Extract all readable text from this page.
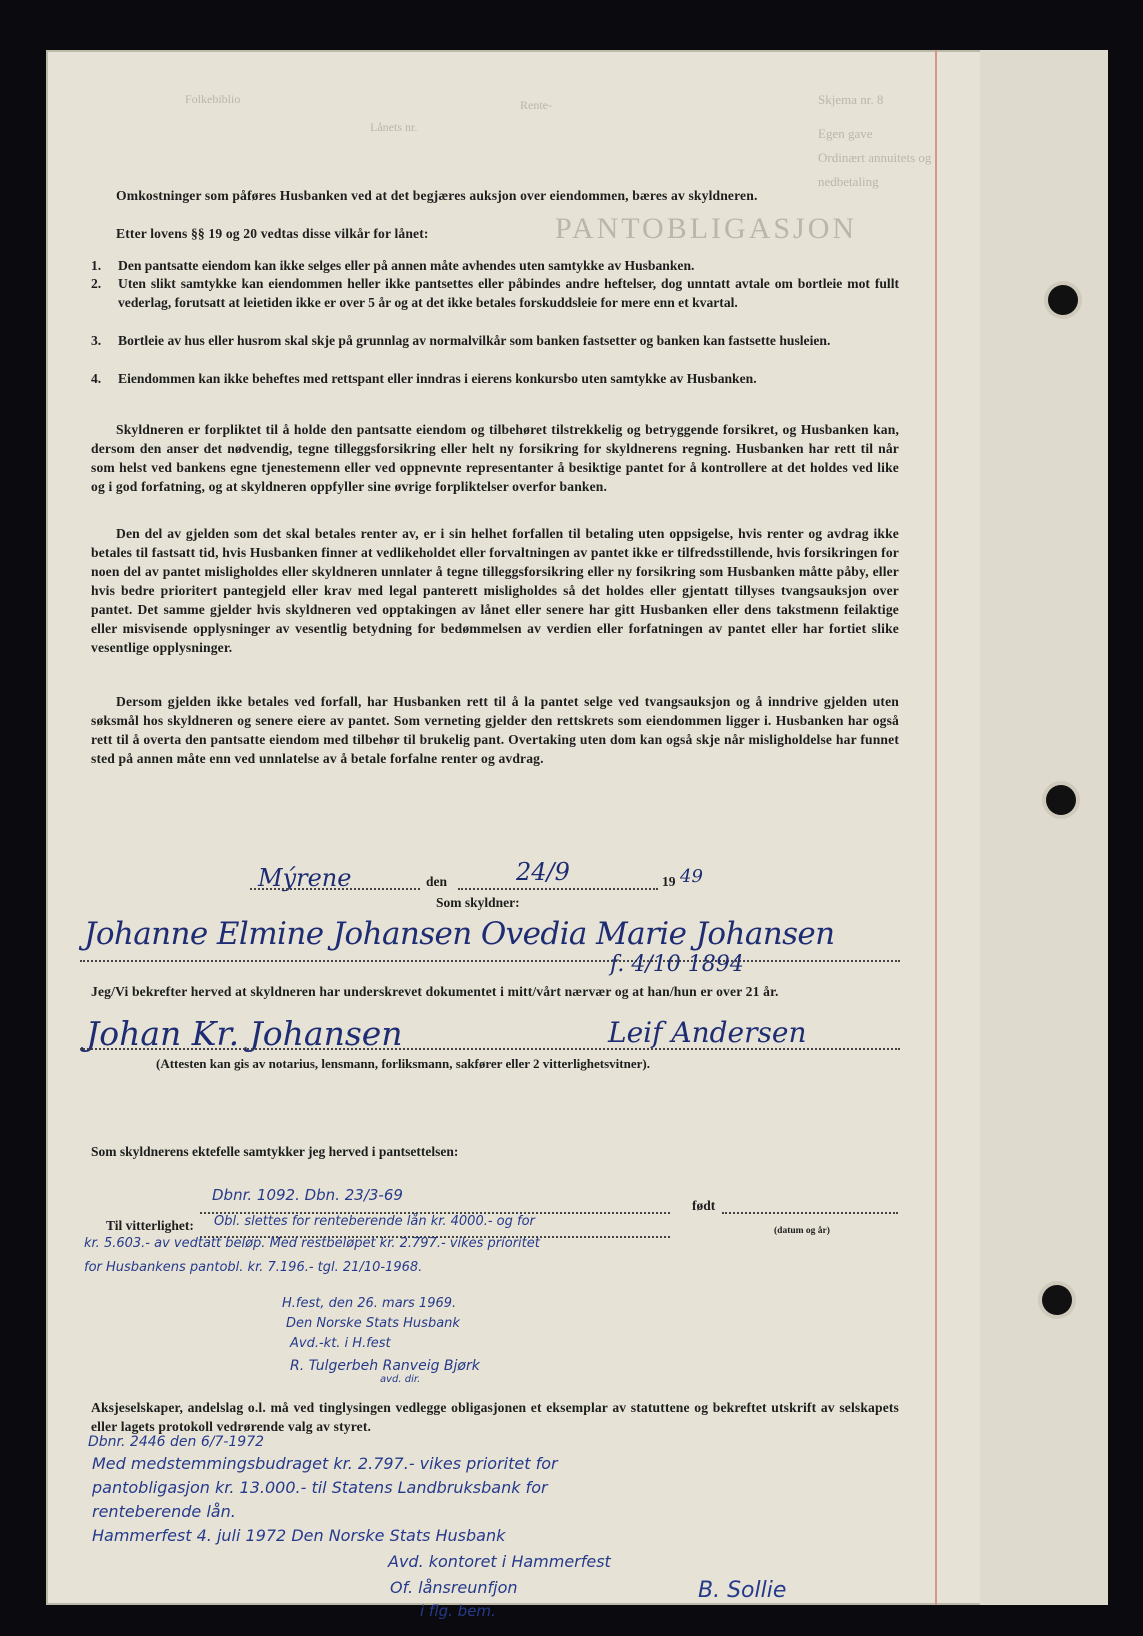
Skjema nr. 8
Folkebiblio	Rente-
Lånets nr.	Egen gave
Ordinært annuitets og
nedbetaling
PANTOBLIGASJON
Omkostninger som påføres Husbanken ved at det begjæres auksjon over eiendommen, bæres av skyldneren.
Etter lovens §§ 19 og 20 vedtas disse vilkår for lånet:
1. Den pantsatte eiendom kan ikke selges eller på annen måte avhendes uten samtykke av Husbanken.
2. Uten slikt samtykke kan eiendommen heller ikke pantsettes eller påbindes andre heftelser, dog unntatt avtale om bortleie mot fullt vederlag, forutsatt at leietiden ikke er over 5 år og at det ikke betales forskuddsleie for mere enn et kvartal.
3. Bortleie av hus eller husrom skal skje på grunnlag av normalvilkår som banken fastsetter og banken kan fastsette husleien.
4. Eiendommen kan ikke beheftes med rettspant eller inndras i eierens konkursbo uten samtykke av Husbanken.
Skyldneren er forpliktet til å holde den pantsatte eiendom og tilbehøret tilstrekkelig og betryggende forsikret, og Husbanken kan, dersom den anser det nødvendig, tegne tilleggsforsikring eller helt ny forsikring for skyldnerens regning. Husbanken har rett til når som helst ved bankens egne tjenestemenn eller ved oppnevnte representanter å besiktige pantet for å kontrollere at det holdes ved like og i god forfatning, og at skyldneren oppfyller sine øvrige forpliktelser overfor banken.
Den del av gjelden som det skal betales renter av, er i sin helhet forfallen til betaling uten oppsigelse, hvis renter og avdrag ikke betales til fastsatt tid, hvis Husbanken finner at vedlikeholdet eller forvaltningen av pantet ikke er tilfredsstillende, hvis forsikringen for noen del av pantet misligholdes eller skyldneren unnlater å tegne tilleggsforsikring eller ny forsikring som Husbanken måtte påby, eller hvis bedre prioritert pantegjeld eller krav med legal panterett misligholdes så det holdes eller gjentatt tillyses tvangsauksjon over pantet. Det samme gjelder hvis skyldneren ved opptakingen av lånet eller senere har gitt Husbanken eller dens takstmenn feilaktige eller misvisende opplysninger av vesentlig betydning for bedømmelsen av verdien eller forfatningen av pantet eller har fortiet slike vesentlige opplysninger.
Dersom gjelden ikke betales ved forfall, har Husbanken rett til å la pantet selge ved tvangsauksjon og å inndrive gjelden uten søksmål hos skyldneren og senere eiere av pantet. Som verneting gjelder den rettskrets som eiendommen ligger i. Husbanken har også rett til å overta den pantsatte eiendom med tilbehør til brukelig pant. Overtaking uten dom kan også skje når misligholdelse har funnet sted på annen måte enn ved unnlatelse av å betale forfalne renter og avdrag.
Mýrene	den	24/9	19 49
Som skyldner:
Johanne Elmine Johansen Ovedia Marie Johansen
f. 4/10 1894
Jeg/Vi bekrefter herved at skyldneren har underskrevet dokumentet i mitt/vårt nærvær og at han/hun er over 21 år.
Johan Kr. Johansen	Leif Andersen
(Attesten kan gis av notarius, lensmann, forliksmann, sakfører eller 2 vitterlighetsvitner).
Som skyldnerens ektefelle samtykker jeg herved i pantsettelsen:
Dbnr. 1092. Dbn. 23/3-69
født
(datum og år)
Til vitterlighet: Obl. slettes for renteberende lån kr. 4000.- og for
kr. 5.603.- av vedtatt beløp. Med restbeløpet kr. 2.797.- vikes prioritet
for Husbankens pantobl. kr. 7.196.- tgl. 21/10-1968.
H.fest, den 26. mars 1969.
Den Norske Stats Husbank
Avd.-kt. i H.fest
R. Tulgerbeh Ranveig Bjørk
avd. dir.
Aksjeselskaper, andelslag o.l. må ved tinglysingen vedlegge obligasjonen et eksemplar av statuttene og bekreftet utskrift av selskapets eller lagets protokoll vedrørende valg av styret.
Dbnr. 2446 den 6/7-1972
Med medstemmingsbudraget kr. 2.797.- vikes prioritet for
pantobligasjon kr. 13.000.- til Statens Landbruksbank for
renteberende lån.
Hammerfest 4. juli 1972 Den Norske Stats Husbank
Avd. kontoret i Hammerfest
Of. lånsreunfjon
i flg. bem.
B. Sollie
